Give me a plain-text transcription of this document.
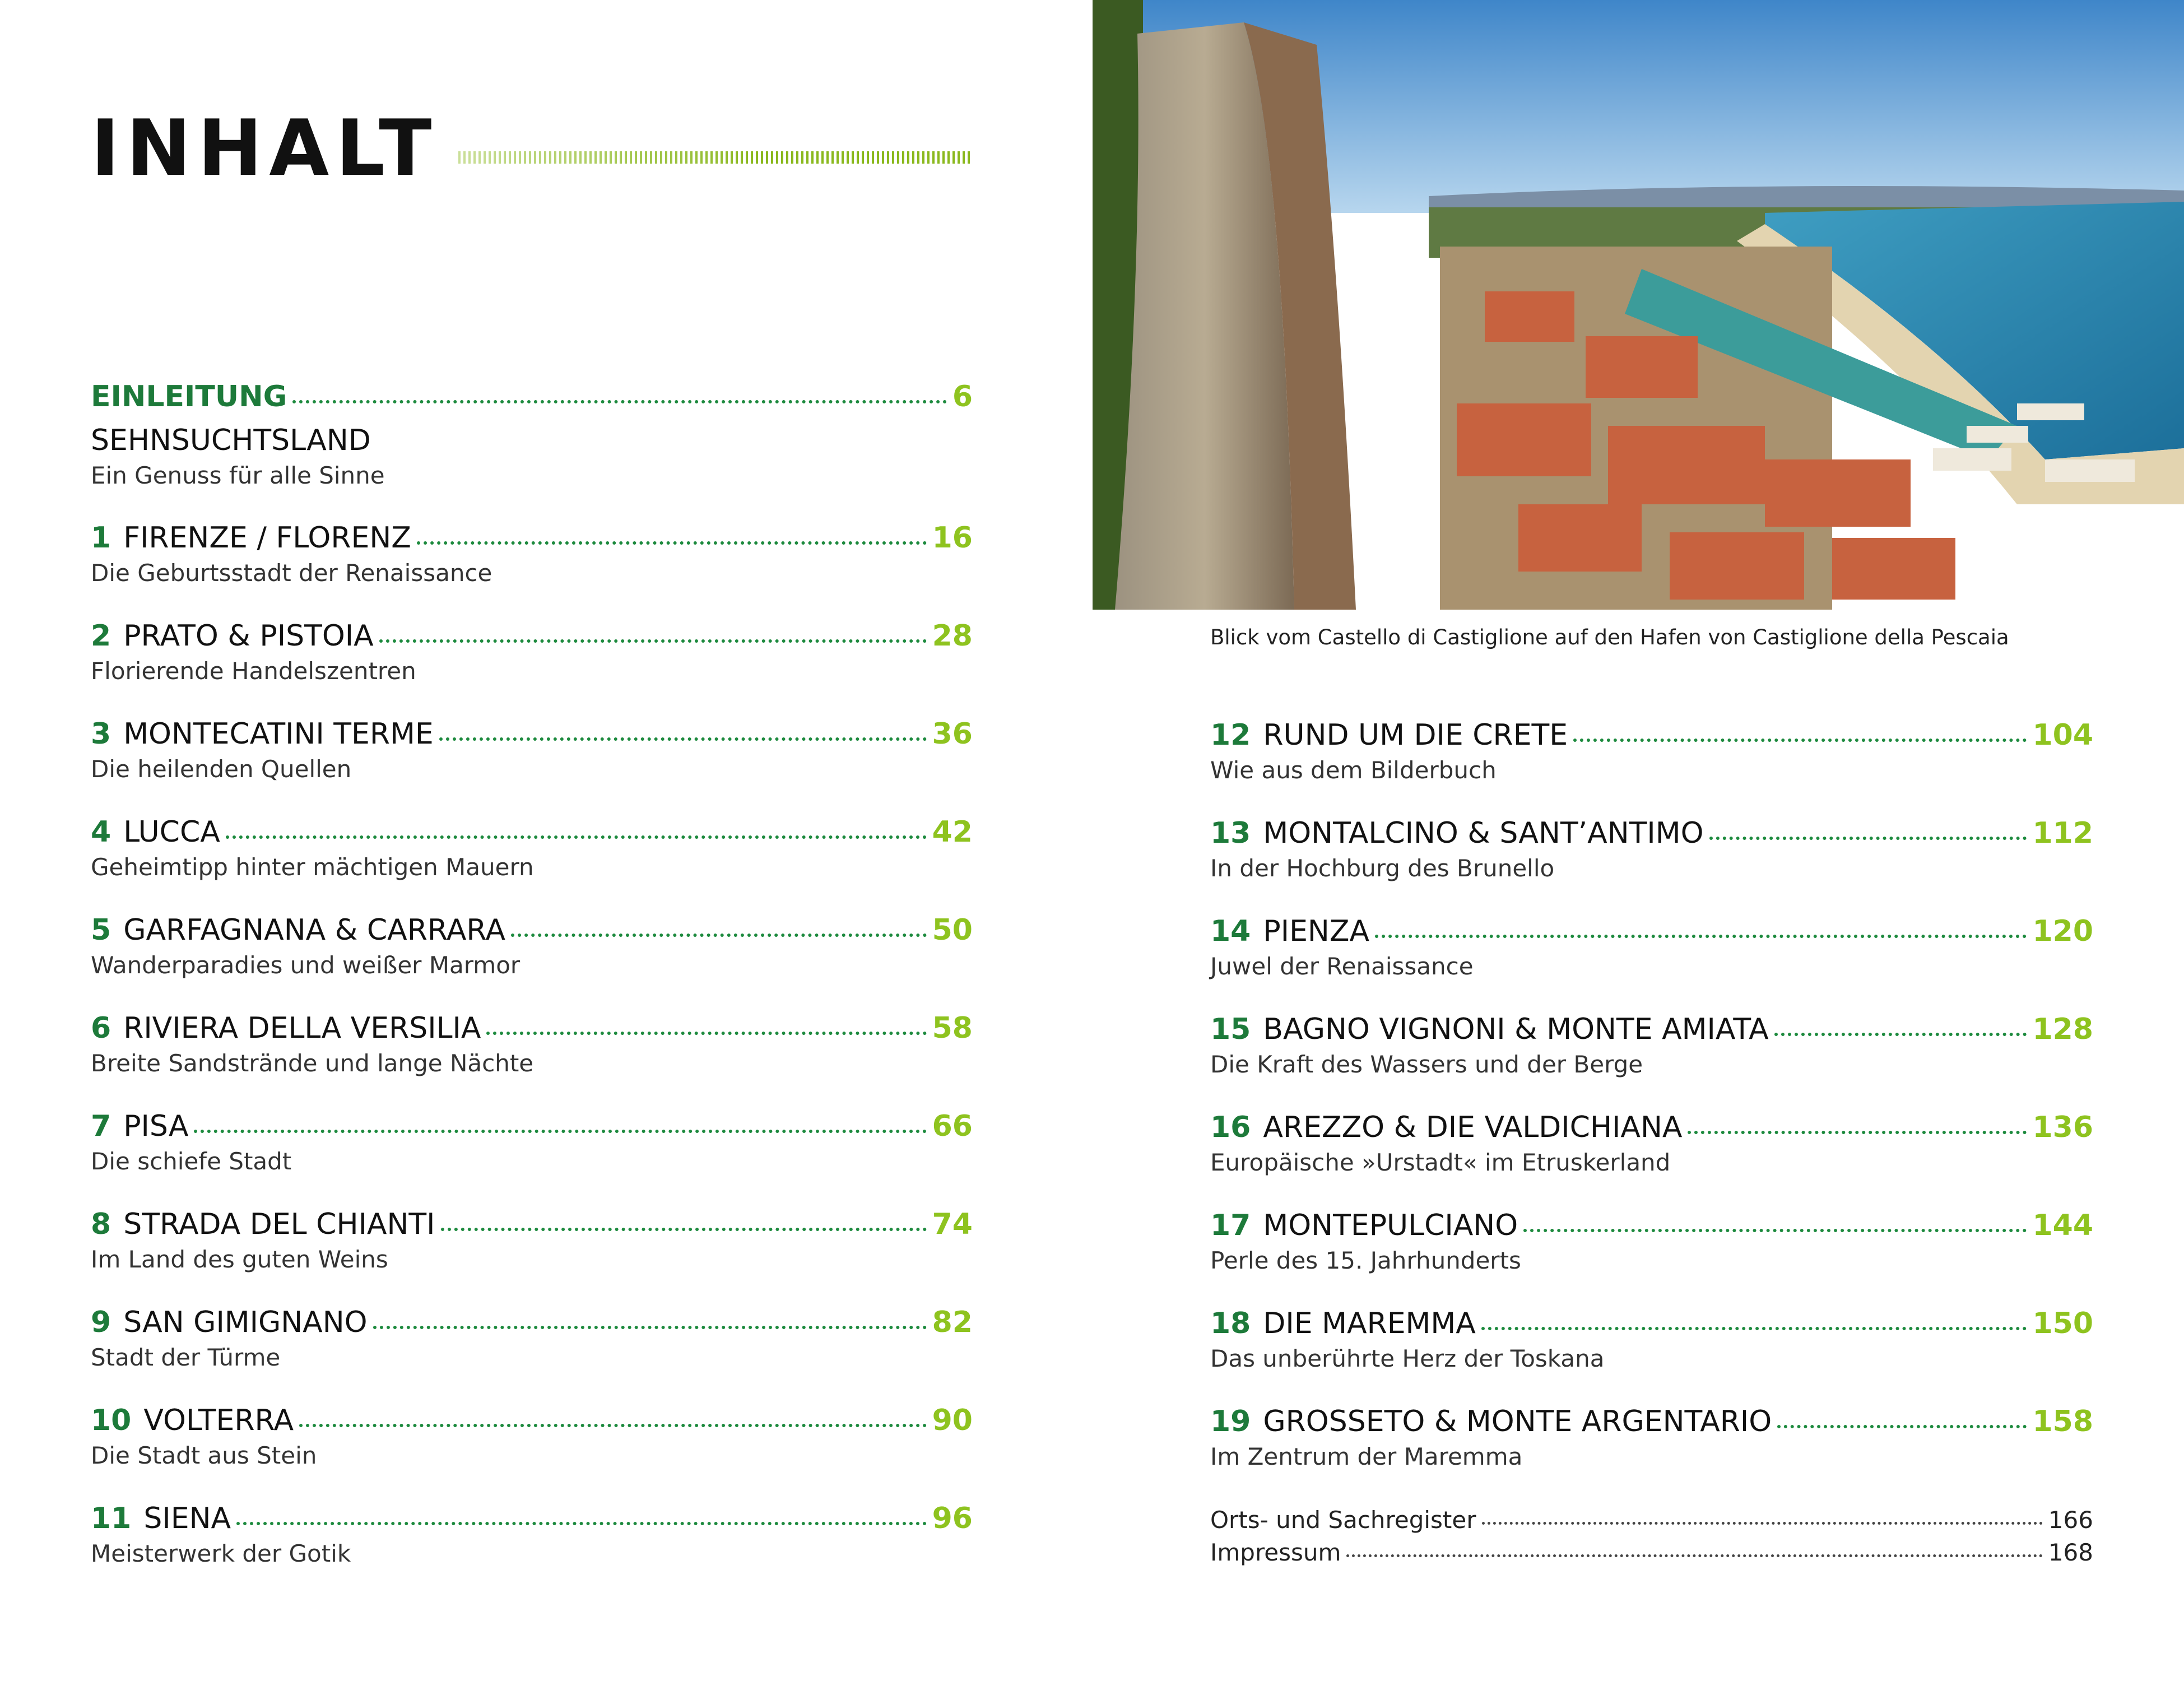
INHALT
EINLEITUNG	6
SEHNSUCHTSLAND
Ein Genuss für alle Sinne
1 FIRENZE / FLORENZ	16
Die Geburtsstadt der Renaissance
2 PRATO & PISTOIA	28
Florierende Handelszentren
3 MONTECATINI TERME	36
Die heilenden Quellen
4 LUCCA	42
Geheimtipp hinter mächtigen Mauern
5 GARFAGNANA & CARRARA	50
Wanderparadies und weißer Marmor
6 RIVIERA DELLA VERSILIA	58
Breite Sandstrände und lange Nächte
7 PISA	66
Die schiefe Stadt
8 STRADA DEL CHIANTI	74
Im Land des guten Weins
9 SAN GIMIGNANO	82
Stadt der Türme
10 VOLTERRA	90
Die Stadt aus Stein
11 SIENA	96
Meisterwerk der Gotik
12 RUND UM DIE CRETE	104
Wie aus dem Bilderbuch
13 MONTALCINO & SANT’ANTIMO	112
In der Hochburg des Brunello
14 PIENZA	120
Juwel der Renaissance
15 BAGNO VIGNONI & MONTE AMIATA	128
Die Kraft des Wassers und der Berge
16 AREZZO & DIE VALDICHIANA	136
Europäische »Urstadt« im Etruskerland
17 MONTEPULCIANO	144
Perle des 15. Jahrhunderts
18 DIE MAREMMA	150
Das unberührte Herz der Toskana
19 GROSSETO & MONTE ARGENTARIO	158
Im Zentrum der Maremma
Orts- und Sachregister	166
Impressum	168
Blick vom Castello di Castiglione auf den Hafen von Castiglione della Pescaia
